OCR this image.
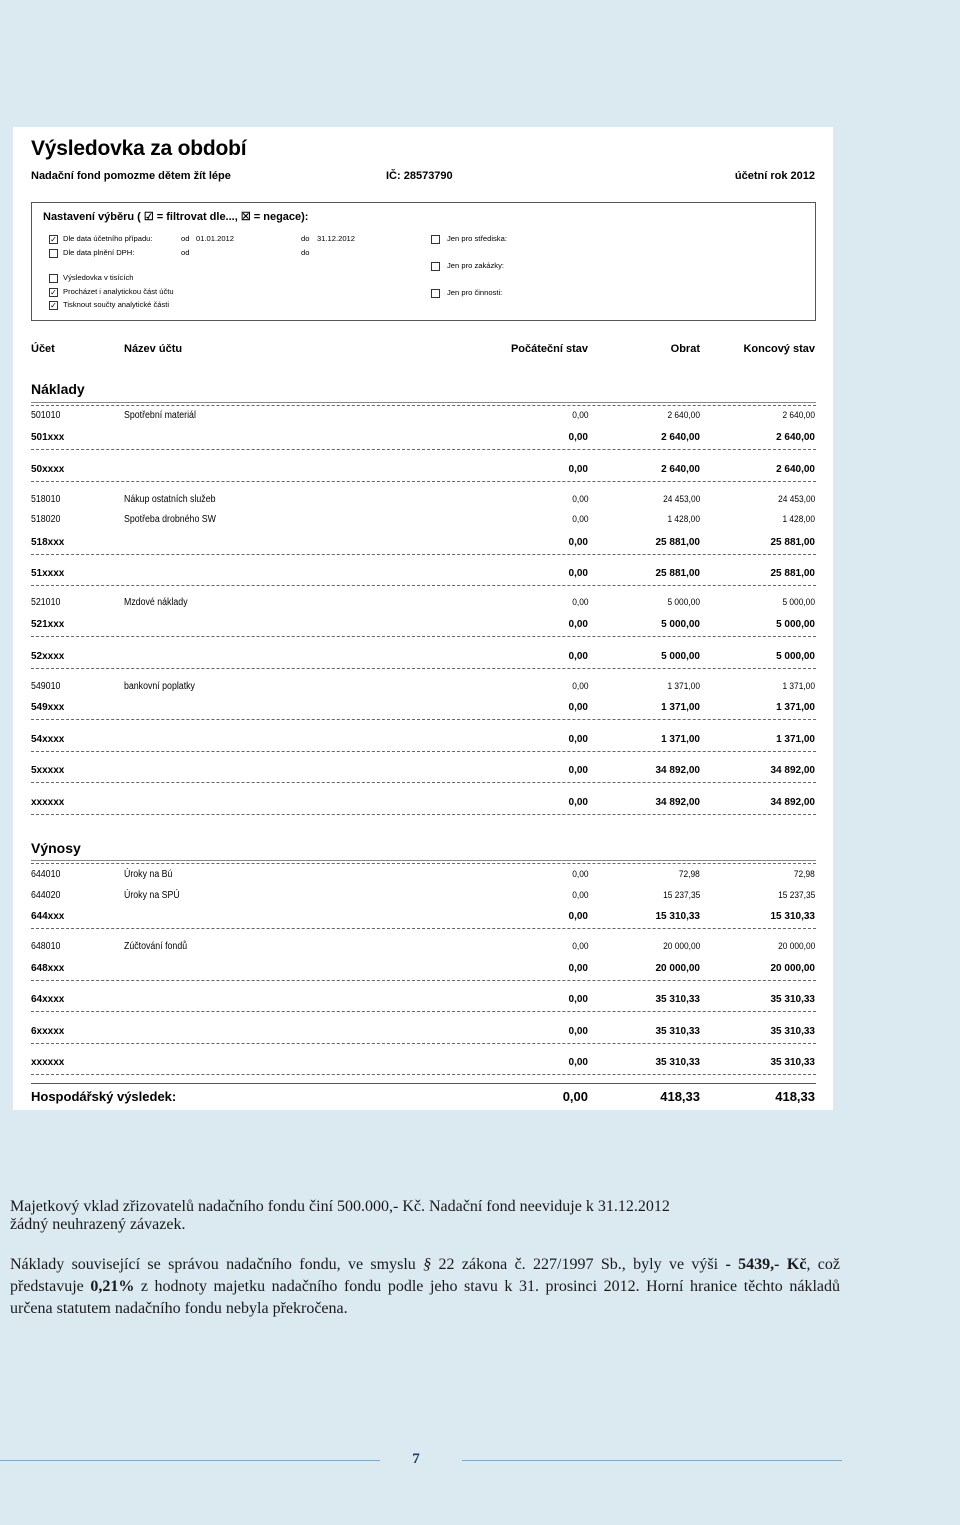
Výsledovka za období
Nadační fond pomozme dětem žít lépe	IČ: 28573790	účetní rok 2012
Nastavení výběru ( ☑ = filtrovat dle..., ☒ = negace):
✓ Dle data účetního případu:	od 01.01.2012	do 31.12.2012
Dle data plnění DPH:	od	do
Výsledovka v tisících
✓ Procházet i analytickou část účtu
✓ Tisknout součty analytické části
Jen pro střediska:
Jen pro zakázky:
Jen pro činnosti:
Účet	Název účtu	Počáteční stav	Obrat	Koncový stav
Náklady
501010	Spotřební materiál	0,00	2 640,00	2 640,00
501xxx	0,00	2 640,00	2 640,00
50xxxx	0,00	2 640,00	2 640,00
518010	Nákup ostatních služeb	0,00	24 453,00	24 453,00
518020	Spotřeba drobného SW	0,00	1 428,00	1 428,00
518xxx	0,00	25 881,00	25 881,00
51xxxx	0,00	25 881,00	25 881,00
521010	Mzdové náklady	0,00	5 000,00	5 000,00
521xxx	0,00	5 000,00	5 000,00
52xxxx	0,00	5 000,00	5 000,00
549010	bankovní poplatky	0,00	1 371,00	1 371,00
549xxx	0,00	1 371,00	1 371,00
54xxxx	0,00	1 371,00	1 371,00
5xxxxx	0,00	34 892,00	34 892,00
xxxxxx	0,00	34 892,00	34 892,00
Výnosy
644010	Úroky na Bú	0,00	72,98	72,98
644020	Úroky na SPÚ	0,00	15 237,35	15 237,35
644xxx	0,00	15 310,33	15 310,33
648010	Zúčtování fondů	0,00	20 000,00	20 000,00
648xxx	0,00	20 000,00	20 000,00
64xxxx	0,00	35 310,33	35 310,33
6xxxxx	0,00	35 310,33	35 310,33
xxxxxx	0,00	35 310,33	35 310,33
Hospodářský výsledek:	0,00	418,33	418,33
Majetkový vklad zřizovatelů nadačního fondu činí 500.000,- Kč. Nadační fond neeviduje k 31.12.2012
žádný neuhrazený závazek.
Náklady související se správou nadačního fondu, ve smyslu § 22 zákona č. 227/1997 Sb., byly ve výši - 5439,- Kč, což představuje 0,21% z hodnoty majetku nadačního fondu podle jeho stavu k 31. prosinci 2012. Horní hranice těchto nákladů určena statutem nadačního fondu nebyla překročena.
7
